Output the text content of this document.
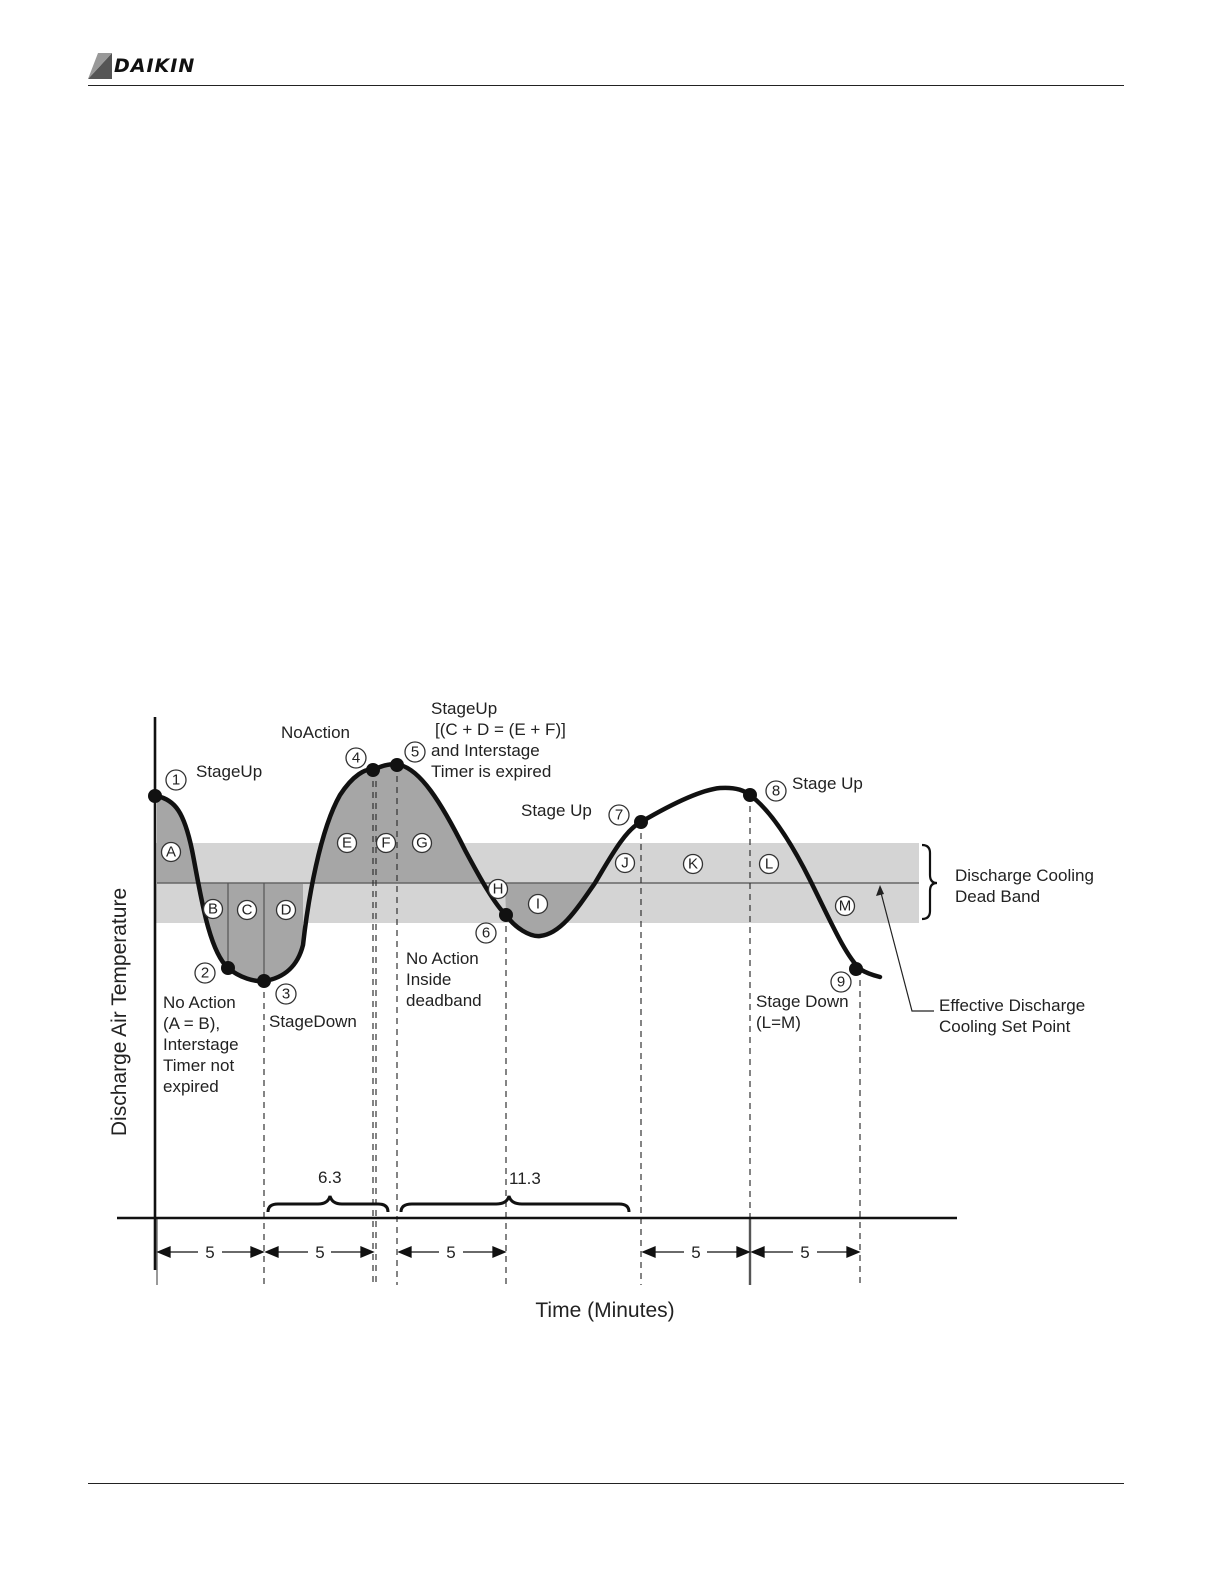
DAIKIN
1
2
3
4	5
6
7
8
9
A
B C D
E F G
H
I
J	K	L
M
StageUp
No Action (A = B), Interstage Timer not expired
StageDown
NoAction
StageUp [(C + D = (E + F)] and Interstage Timer is expired
No Action Inside deadband
Stage Up
Stage Up
Stage Down (L=M)
Discharge Cooling Dead Band
Effective Discharge Cooling Set Point
6.3	11.3
5	5	5	5	5
Discharge Air Temperature
Time (Minutes)
